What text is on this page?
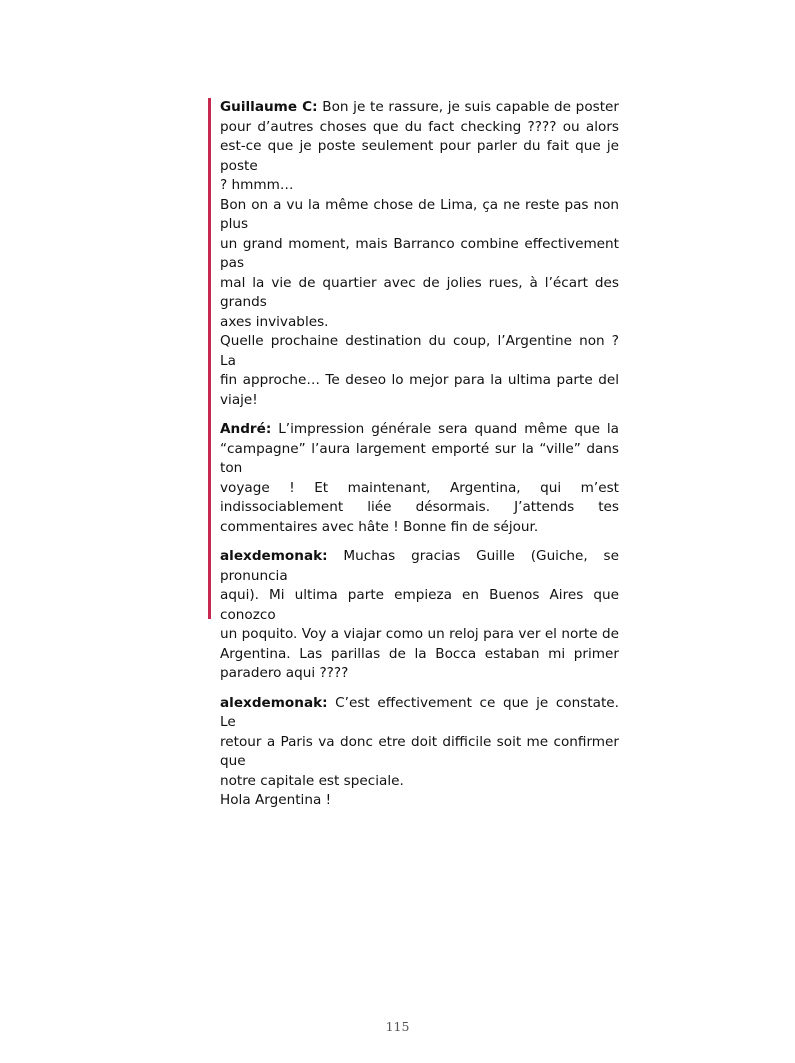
Guillaume C: Bon je te rassure, je suis capable de poster
pour d’autres choses que du fact checking ???? ou alors
est-ce que je poste seulement pour parler du fait que je poste
? hmmm…
Bon on a vu la même chose de Lima, ça ne reste pas non plus
un grand moment, mais Barranco combine effectivement pas
mal la vie de quartier avec de jolies rues, à l’écart des grands
axes invivables.
Quelle prochaine destination du coup, l’Argentine non ? La
fin approche… Te deseo lo mejor para la ultima parte del
viaje!
André: L’impression générale sera quand même que la
“campagne” l’aura largement emporté sur la “ville” dans ton
voyage ! Et maintenant, Argentina, qui m’est
indissociablement liée désormais. J’attends tes
commentaires avec hâte ! Bonne fin de séjour.
alexdemonak: Muchas gracias Guille (Guiche, se pronuncia
aqui). Mi ultima parte empieza en Buenos Aires que conozco
un poquito. Voy a viajar como un reloj para ver el norte de
Argentina. Las parillas de la Bocca estaban mi primer
paradero aqui ????
alexdemonak: C’est effectivement ce que je constate. Le
retour a Paris va donc etre doit difficile soit me confirmer que
notre capitale est speciale.
Hola Argentina !
115
